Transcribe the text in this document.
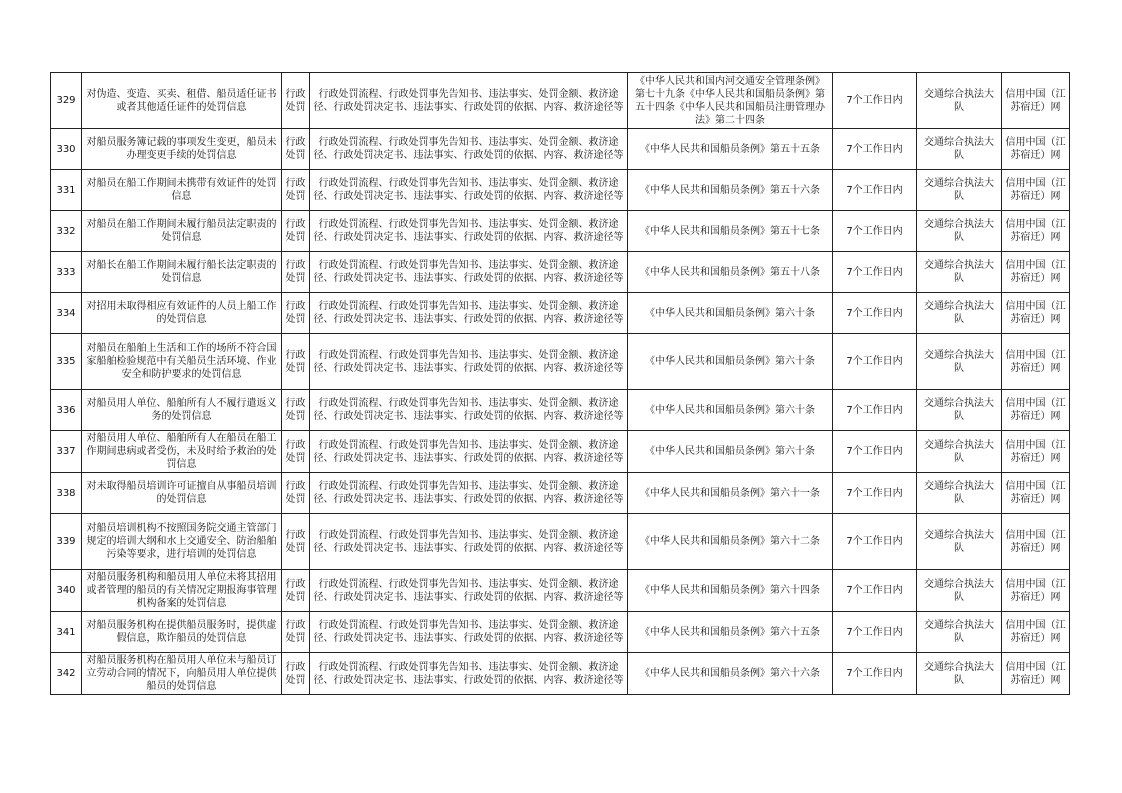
329	对伪造、变造、买卖、租借、船员适任证书或者其他适任证件的处罚信息	行政处罚	行政处罚流程、行政处罚事先告知书、违法事实、处罚金额、救济途径、行政处罚决定书、违法事实、行政处罚的依据、内容、救济途径等	《中华人民共和国内河交通安全管理条例》第七十九条《中华人民共和国船员条例》第五十四条《中华人民共和国船员注册管理办法》第二十四条	7个工作日内	交通综合执法大队	信用中国（江苏宿迁）网
330	对船员服务簿记载的事项发生变更，船员未办理变更手续的处罚信息	行政处罚	行政处罚流程、行政处罚事先告知书、违法事实、处罚金额、救济途径、行政处罚决定书、违法事实、行政处罚的依据、内容、救济途径等	《中华人民共和国船员条例》第五十五条	7个工作日内	交通综合执法大队	信用中国（江苏宿迁）网
331	对船员在船工作期间未携带有效证件的处罚信息	行政处罚	行政处罚流程、行政处罚事先告知书、违法事实、处罚金额、救济途径、行政处罚决定书、违法事实、行政处罚的依据、内容、救济途径等	《中华人民共和国船员条例》第五十六条	7个工作日内	交通综合执法大队	信用中国（江苏宿迁）网
332	对船员在船工作期间未履行船员法定职责的处罚信息	行政处罚	行政处罚流程、行政处罚事先告知书、违法事实、处罚金额、救济途径、行政处罚决定书、违法事实、行政处罚的依据、内容、救济途径等	《中华人民共和国船员条例》第五十七条	7个工作日内	交通综合执法大队	信用中国（江苏宿迁）网
333	对船长在船工作期间未履行船长法定职责的处罚信息	行政处罚	行政处罚流程、行政处罚事先告知书、违法事实、处罚金额、救济途径、行政处罚决定书、违法事实、行政处罚的依据、内容、救济途径等	《中华人民共和国船员条例》第五十八条	7个工作日内	交通综合执法大队	信用中国（江苏宿迁）网
334	对招用未取得相应有效证件的人员上船工作的处罚信息	行政处罚	行政处罚流程、行政处罚事先告知书、违法事实、处罚金额、救济途径、行政处罚决定书、违法事实、行政处罚的依据、内容、救济途径等	《中华人民共和国船员条例》第六十条	7个工作日内	交通综合执法大队	信用中国（江苏宿迁）网
335	对船员在船舶上生活和工作的场所不符合国家船舶检验规范中有关船员生活环境、作业安全和防护要求的处罚信息	行政处罚	行政处罚流程、行政处罚事先告知书、违法事实、处罚金额、救济途径、行政处罚决定书、违法事实、行政处罚的依据、内容、救济途径等	《中华人民共和国船员条例》第六十条	7个工作日内	交通综合执法大队	信用中国（江苏宿迁）网
336	对船员用人单位、船舶所有人不履行遣返义务的处罚信息	行政处罚	行政处罚流程、行政处罚事先告知书、违法事实、处罚金额、救济途径、行政处罚决定书、违法事实、行政处罚的依据、内容、救济途径等	《中华人民共和国船员条例》第六十条	7个工作日内	交通综合执法大队	信用中国（江苏宿迁）网
337	对船员用人单位、船舶所有人在船员在船工作期间患病或者受伤，未及时给予救治的处罚信息	行政处罚	行政处罚流程、行政处罚事先告知书、违法事实、处罚金额、救济途径、行政处罚决定书、违法事实、行政处罚的依据、内容、救济途径等	《中华人民共和国船员条例》第六十条	7个工作日内	交通综合执法大队	信用中国（江苏宿迁）网
338	对未取得船员培训许可证擅自从事船员培训的处罚信息	行政处罚	行政处罚流程、行政处罚事先告知书、违法事实、处罚金额、救济途径、行政处罚决定书、违法事实、行政处罚的依据、内容、救济途径等	《中华人民共和国船员条例》第六十一条	7个工作日内	交通综合执法大队	信用中国（江苏宿迁）网
339	对船员培训机构不按照国务院交通主管部门规定的培训大纲和水上交通安全、防治船舶污染等要求，进行培训的处罚信息	行政处罚	行政处罚流程、行政处罚事先告知书、违法事实、处罚金额、救济途径、行政处罚决定书、违法事实、行政处罚的依据、内容、救济途径等	《中华人民共和国船员条例》第六十二条	7个工作日内	交通综合执法大队	信用中国（江苏宿迁）网
340	对船员服务机构和船员用人单位未将其招用或者管理的船员的有关情况定期报海事管理机构备案的处罚信息	行政处罚	行政处罚流程、行政处罚事先告知书、违法事实、处罚金额、救济途径、行政处罚决定书、违法事实、行政处罚的依据、内容、救济途径等	《中华人民共和国船员条例》第六十四条	7个工作日内	交通综合执法大队	信用中国（江苏宿迁）网
341	对船员服务机构在提供船员服务时，提供虚假信息，欺诈船员的处罚信息	行政处罚	行政处罚流程、行政处罚事先告知书、违法事实、处罚金额、救济途径、行政处罚决定书、违法事实、行政处罚的依据、内容、救济途径等	《中华人民共和国船员条例》第六十五条	7个工作日内	交通综合执法大队	信用中国（江苏宿迁）网
342	对船员服务机构在船员用人单位未与船员订立劳动合同的情况下，向船员用人单位提供船员的处罚信息	行政处罚	行政处罚流程、行政处罚事先告知书、违法事实、处罚金额、救济途径、行政处罚决定书、违法事实、行政处罚的依据、内容、救济途径等	《中华人民共和国船员条例》第六十六条	7个工作日内	交通综合执法大队	信用中国（江苏宿迁）网
